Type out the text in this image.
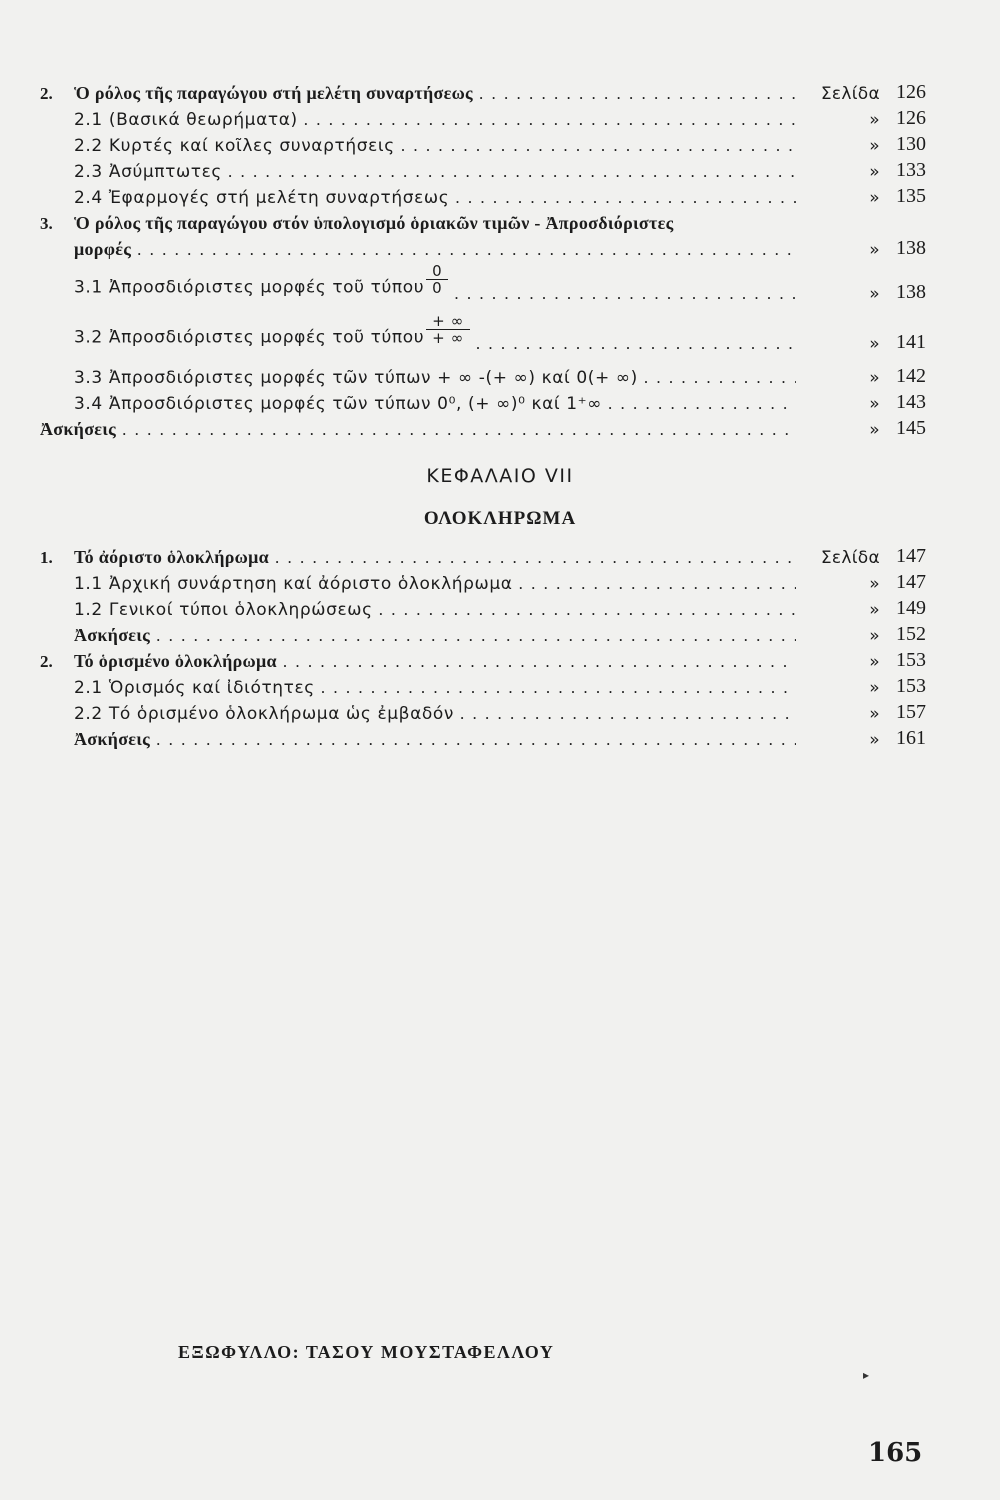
2.	Ὁ ρόλος τῆς παραγώγου στή μελέτη συναρτήσεως . . .	Σελίδα 126
2.1 (Βασικά θεωρήματα) . . .	» 126
2.2 Κυρτές καί κοῖλες συναρτήσεις . . .	» 130
2.3 Ἀσύμπτωτες . . .	» 133
2.4 Ἐφαρμογές στή μελέτη συναρτήσεως . . .	» 135
3.	Ὁ ρόλος τῆς παραγώγου στόν ὑπολογισμό ὁριακῶν τιμῶν - Ἀπροσδιόριστες
μορφές . . .	» 138
3.1 Ἀπροσδιόριστες μορφές τοῦ τύπου $\frac{0}{0}$ . . .	» 138
3.2 Ἀπροσδιόριστες μορφές τοῦ τύπου $\frac{+ \infty}{+ \infty}$ . . .	» 141
3.3 Ἀπροσδιόριστες μορφές τῶν τύπων + ∞ -(+ ∞) καί 0(+ ∞) . . .	» 142
3.4 Ἀπροσδιόριστες μορφές τῶν τύπων 0⁰, (+ ∞)⁰ καί 1⁺∞ . . .	» 143
Ἀσκήσεις . . .	» 145
ΚΕΦΑΛΑΙΟ VII
ΟΛΟΚΛΗΡΩΜΑ
1.	Τό ἀόριστο ὁλοκλήρωμα . . .	Σελίδα 147
1.1 Ἀρχική συνάρτηση καί ἀόριστο ὁλοκλήρωμα . . .	» 147
1.2 Γενικοί τύποι ὁλοκληρώσεως . . .	» 149
Ἀσκήσεις . . .	» 152
2.	Τό ὁρισμένο ὁλοκλήρωμα . . .	» 153
2.1 Ὁρισμός καί ἰδιότητες . . .	» 153
2.2 Τό ὁρισμένο ὁλοκλήρωμα ὡς ἐμβαδόν . . .	» 157
Ἀσκήσεις . . .	» 161
ΕΞΩΦΥΛΛΟ: ΤΑΣΟΥ ΜΟΥΣΤΑΦΕΛΛΟΥ
▸
165
